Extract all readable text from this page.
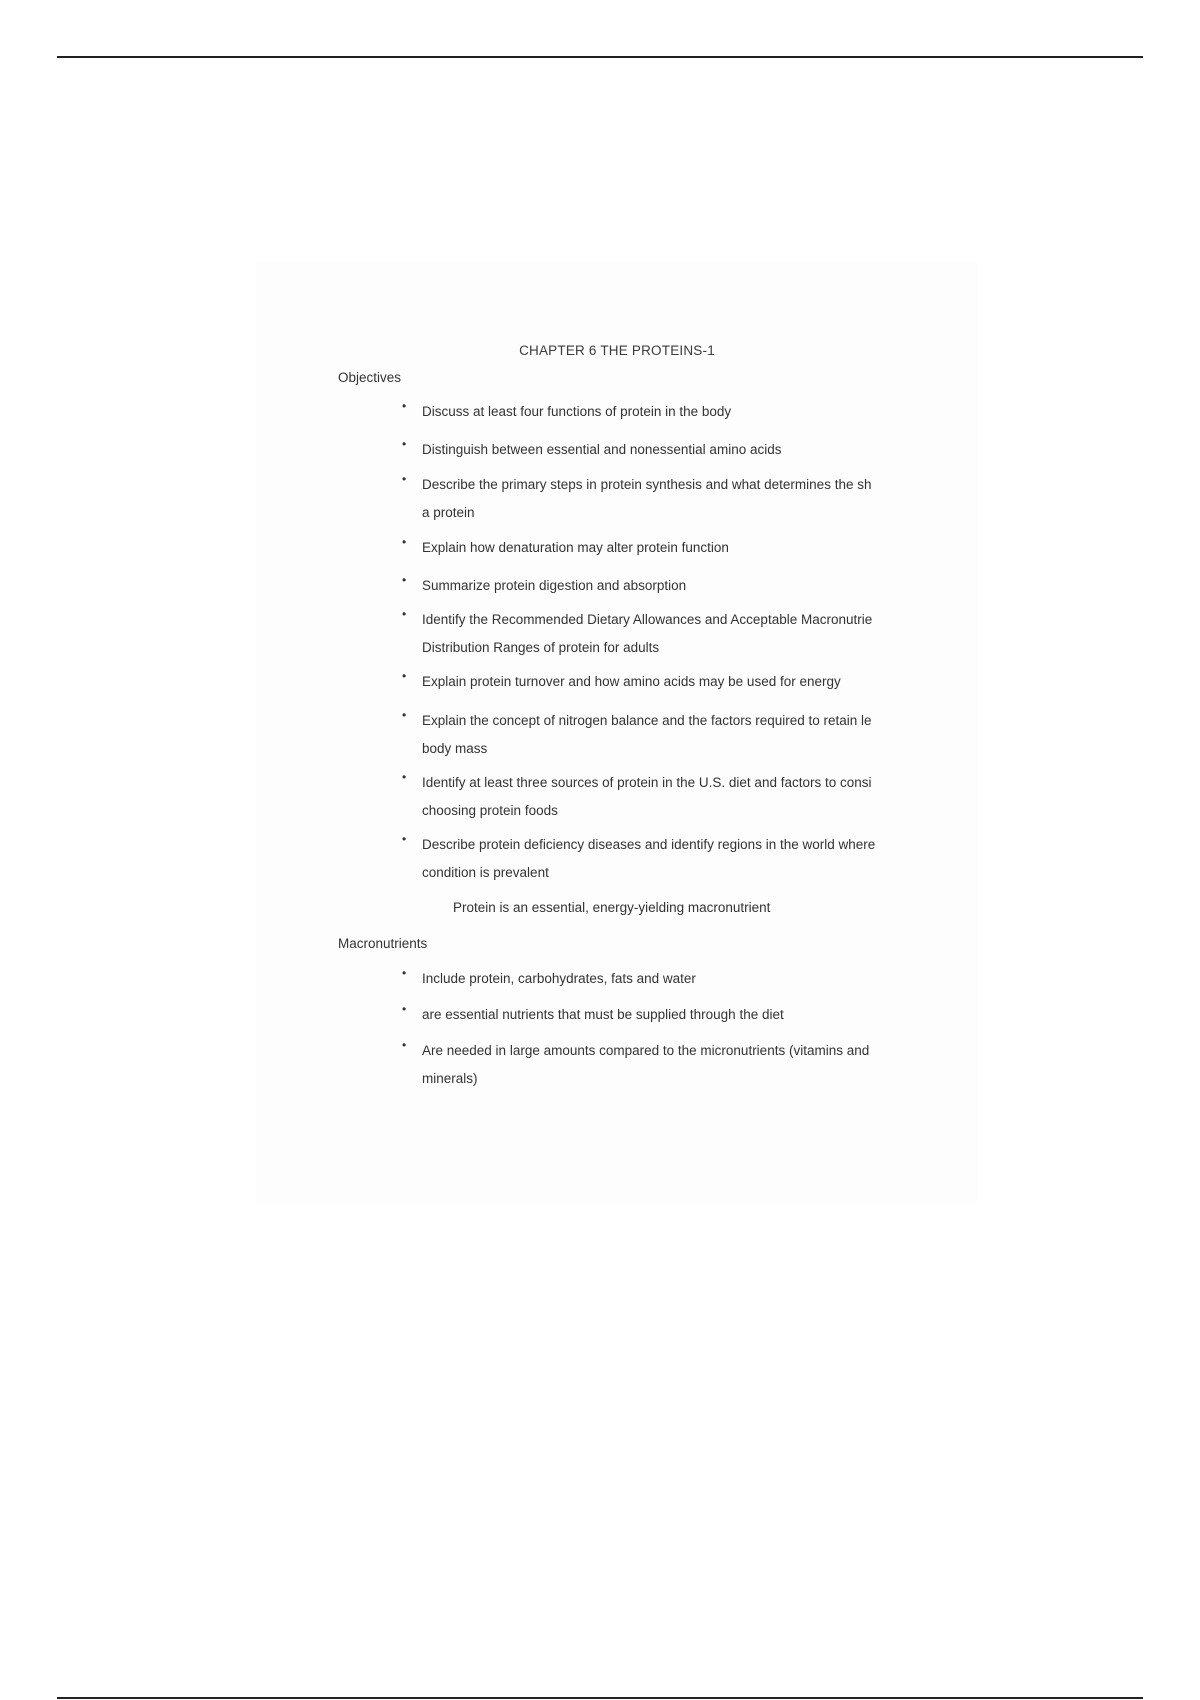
CHAPTER 6 THE PROTEINS-1
Objectives
• Discuss at least four functions of protein in the body
• Distinguish between essential and nonessential amino acids
• Describe the primary steps in protein synthesis and what determines the sh
a protein
• Explain how denaturation may alter protein function
• Summarize protein digestion and absorption
• Identify the Recommended Dietary Allowances and Acceptable Macronutrie
Distribution Ranges of protein for adults
• Explain protein turnover and how amino acids may be used for energy
• Explain the concept of nitrogen balance and the factors required to retain le
body mass
• Identify at least three sources of protein in the U.S. diet and factors to consi
choosing protein foods
• Describe protein deficiency diseases and identify regions in the world where
condition is prevalent
Protein is an essential, energy-yielding macronutrient
Macronutrients
• Include protein, carbohydrates, fats and water
• are essential nutrients that must be supplied through the diet
• Are needed in large amounts compared to the micronutrients (vitamins and
minerals)
